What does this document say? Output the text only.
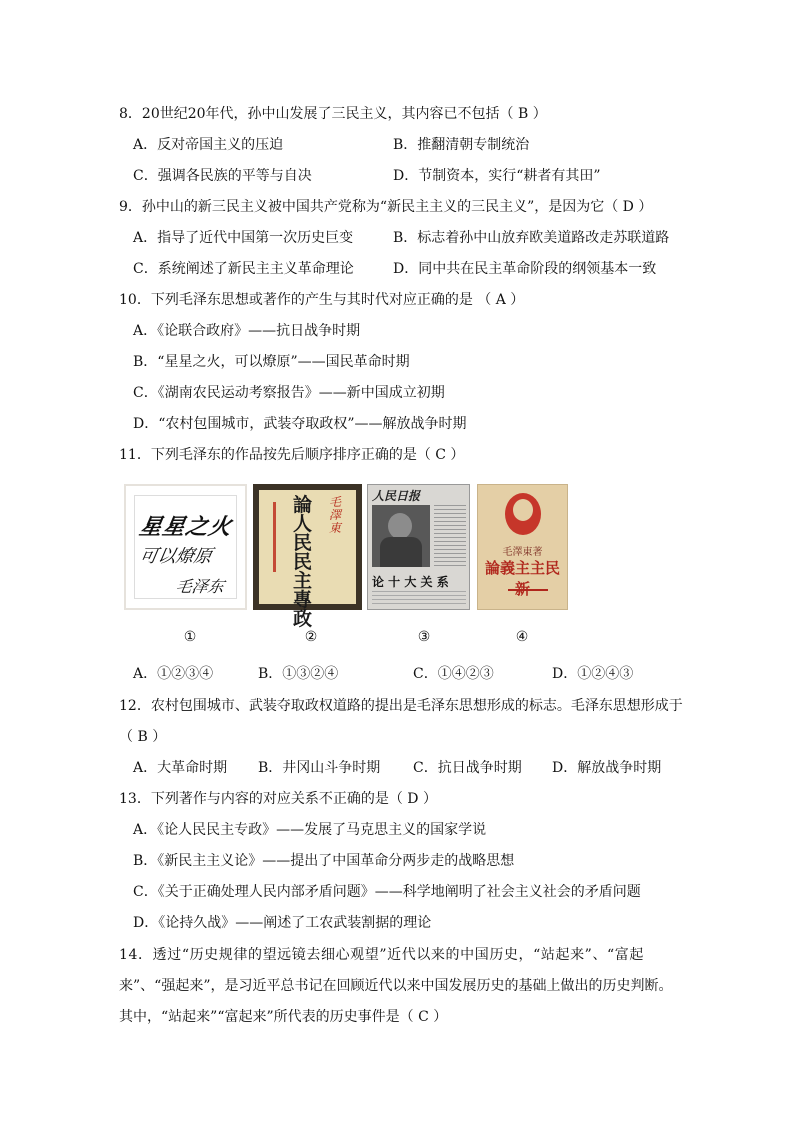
8．20世纪20年代，孙中山发展了三民主义，其内容已不包括（ B ）
A．反对帝国主义的压迫	B．推翻清朝专制统治
C．强调各民族的平等与自决	D．节制资本，实行“耕者有其田”
9．孙中山的新三民主义被中国共产党称为“新民主主义的三民主义”，是因为它（ D ）
A．指导了近代中国第一次历史巨变	B．标志着孙中山放弃欧美道路改走苏联道路
C．系统阐述了新民主主义革命理论	D．同中共在民主革命阶段的纲领基本一致
10．下列毛泽东思想或著作的产生与其时代对应正确的是 （ A ）
A．《论联合政府》——抗日战争时期
B．“星星之火，可以燎原”——国民革命时期
C．《湖南农民运动考察报告》——新中国成立初期
D．“农村包围城市，武装夺取政权”——解放战争时期
11．下列毛泽东的作品按先后顺序排序正确的是（ C ）
星星之火
可以燎原
毛泽东
論人民民主專政
毛澤東
人民日报
论 十 大 关 系
毛澤東著
論義主主民新
①	②	③	④
A．①②③④	B．①③②④	C．①④②③	D．①②④③
12．农村包围城市、武装夺取政权道路的提出是毛泽东思想形成的标志。毛泽东思想形成于
（ B ）
A．大革命时期 B．井冈山斗争时期 C．抗日战争时期 D．解放战争时期
13．下列著作与内容的对应关系不正确的是（ D ）
A．《论人民民主专政》——发展了马克思主义的国家学说
B．《新民主主义论》——提出了中国革命分两步走的战略思想
C．《关于正确处理人民内部矛盾问题》——科学地阐明了社会主义社会的矛盾问题
D．《论持久战》——阐述了工农武装割据的理论
14．透过“历史规律的望远镜去细心观望”近代以来的中国历史，“站起来”、“富起
来”、“强起来”，是习近平总书记在回顾近代以来中国发展历史的基础上做出的历史判断。
其中，“站起来”“富起来”所代表的历史事件是（ C ）
